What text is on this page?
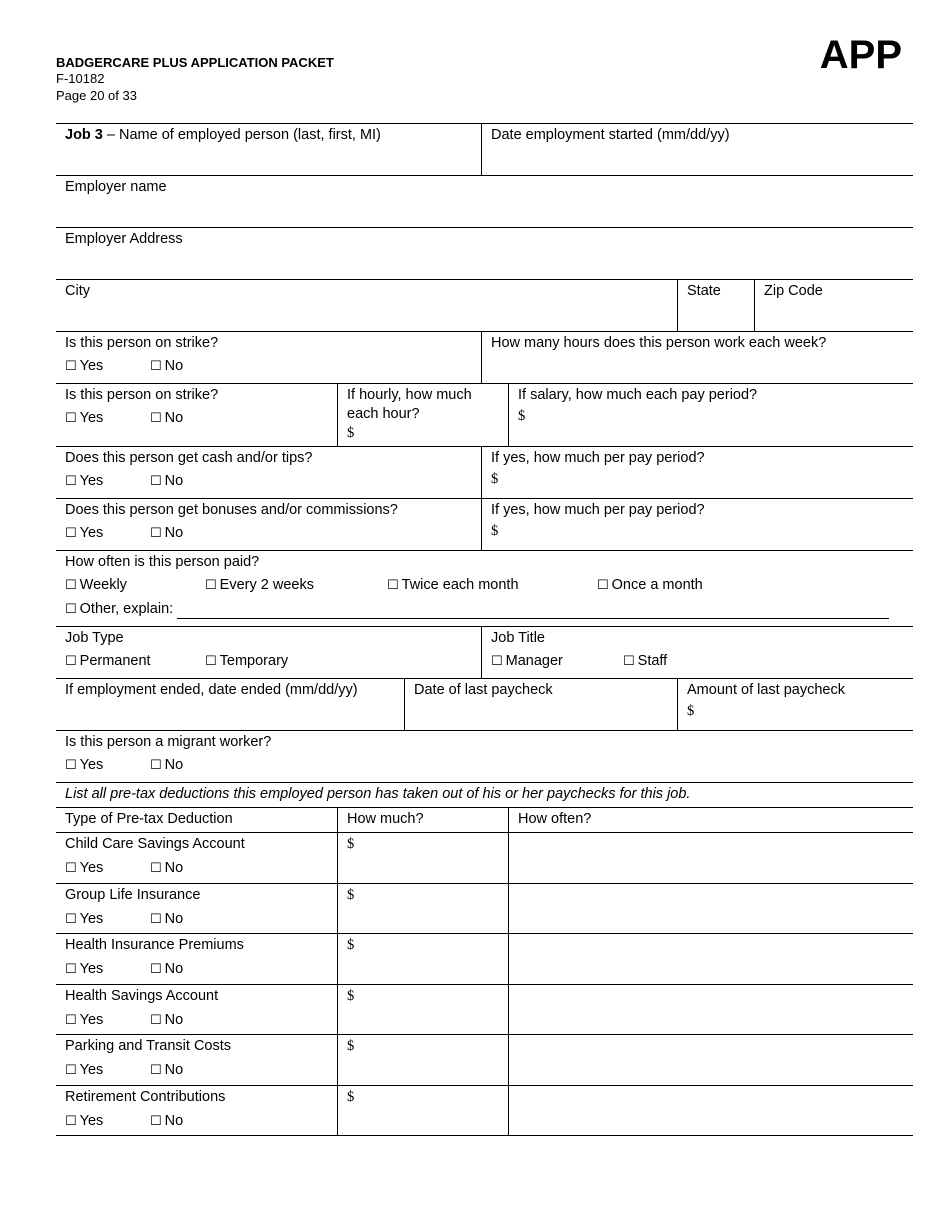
BADGERCARE PLUS APPLICATION PACKET
F-10182
Page 20 of 33
APP
Job 3 – Name of employed person (last, first, MI)	Date employment started (mm/dd/yy)
Employer name
Employer Address
City	State	Zip Code
Is this person on strike?
☐ Yes	☐ No
How many hours does this person work each week?
Is this person on strike?
☐ Yes	☐ No
If hourly, how much each hour?
$
If salary, how much each pay period?
$
Does this person get cash and/or tips?
☐ Yes	☐ No
If yes, how much per pay period?
$
Does this person get bonuses and/or commissions?
☐ Yes	☐ No
If yes, how much per pay period?
$
How often is this person paid?
☐ Weekly	☐ Every 2 weeks	☐ Twice each month	☐ Once a month
☐ Other, explain:
Job Type
☐ Permanent	☐ Temporary
Job Title
☐ Manager	☐ Staff
If employment ended, date ended (mm/dd/yy)	Date of last paycheck	Amount of last paycheck
$
Is this person a migrant worker?
☐ Yes	☐ No
List all pre-tax deductions this employed person has taken out of his or her paychecks for this job.
Type of Pre-tax Deduction	How much?	How often?
Child Care Savings Account
☐ Yes	☐ No
$
Group Life Insurance
☐ Yes	☐ No
$
Health Insurance Premiums
☐ Yes	☐ No
$
Health Savings Account
☐ Yes	☐ No
$
Parking and Transit Costs
☐ Yes	☐ No
$
Retirement Contributions
☐ Yes	☐ No
$
